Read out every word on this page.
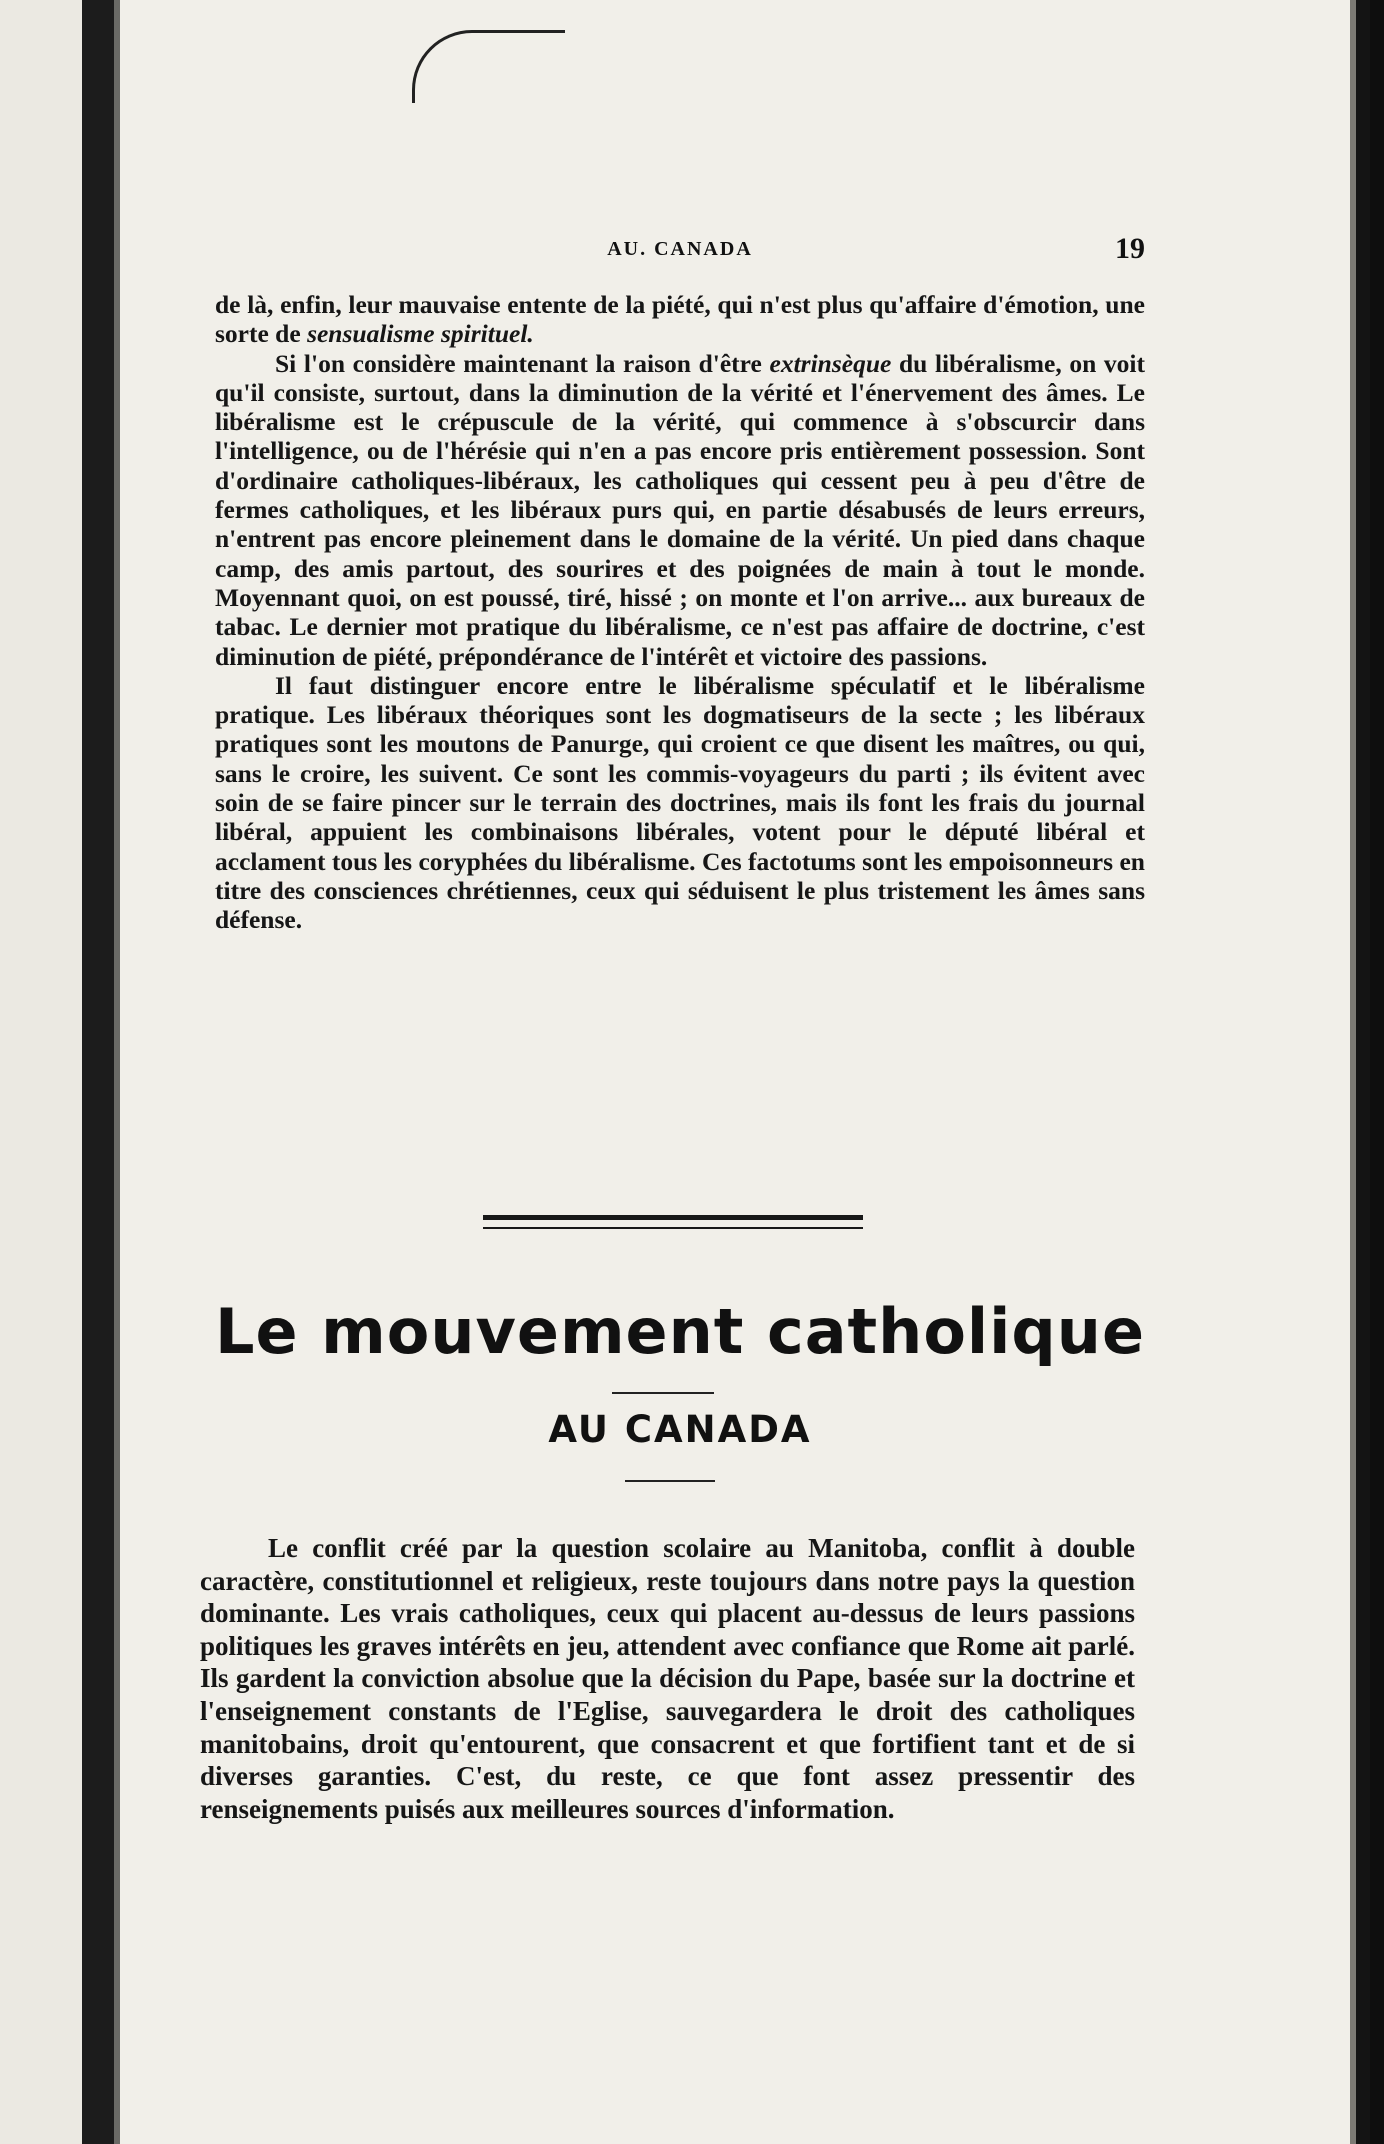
AU. CANADA	19

de là, enfin, leur mauvaise entente de la piété, qui n'est plus qu'affaire d'émotion, une sorte de sensualisme spirituel.

Si l'on considère maintenant la raison d'être extrinsèque du libéralisme, on voit qu'il consiste, surtout, dans la diminution de la vérité et l'énervement des âmes. Le libéralisme est le crépuscule de la vérité, qui commence à s'obscurcir dans l'intelligence, ou de l'hérésie qui n'en a pas encore pris entièrement possession. Sont d'ordinaire catholiques-libéraux, les catholiques qui cessent peu à peu d'être de fermes catholiques, et les libéraux purs qui, en partie désabusés de leurs erreurs, n'entrent pas encore pleinement dans le domaine de la vérité. Un pied dans chaque camp, des amis partout, des sourires et des poignées de main à tout le monde. Moyennant quoi, on est poussé, tiré, hissé ; on monte et l'on arrive... aux bureaux de tabac. Le dernier mot pratique du libéralisme, ce n'est pas affaire de doctrine, c'est diminution de piété, prépondérance de l'intérêt et victoire des passions.

Il faut distinguer encore entre le libéralisme spéculatif et le libéralisme pratique. Les libéraux théoriques sont les dogmatiseurs de la secte ; les libéraux pratiques sont les moutons de Panurge, qui croient ce que disent les maîtres, ou qui, sans le croire, les suivent. Ce sont les commis-voyageurs du parti ; ils évitent avec soin de se faire pincer sur le terrain des doctrines, mais ils font les frais du journal libéral, appuient les combinaisons libérales, votent pour le député libéral et acclament tous les coryphées du libéralisme. Ces factotums sont les empoisonneurs en titre des consciences chrétiennes, ceux qui séduisent le plus tristement les âmes sans défense.

Le mouvement catholique
AU CANADA

Le conflit créé par la question scolaire au Manitoba, conflit à double caractère, constitutionnel et religieux, reste toujours dans notre pays la question dominante. Les vrais catholiques, ceux qui placent au-dessus de leurs passions politiques les graves intérêts en jeu, attendent avec confiance que Rome ait parlé. Ils gardent la conviction absolue que la décision du Pape, basée sur la doctrine et l'enseignement constants de l'Eglise, sauvegardera le droit des catholiques manitobains, droit qu'entourent, que consacrent et que fortifient tant et de si diverses garanties. C'est, du reste, ce que font assez pressentir des renseignements puisés aux meilleures sources d'information.
